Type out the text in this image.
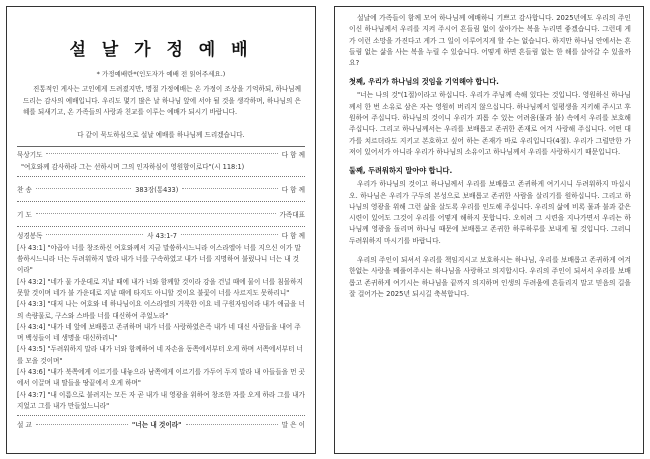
설 날 가 정 예 배
* 가정예배란*(인도자가 예배 전 읽어주세요.)

진통적인 게사는 고인에게 드려졌지만, 명절 가정예배는 온 가정이 조상을 기억하되, 하나님께 드리는 감사의 예배입니다. 우리도 몇기 많은 날 하나님 앞에 서야 될 것을 생각하며, 하나님의 은혜를 되새기고, 온 가족들의 사랑과 친교를 이루는 예배가 되시기 바랍니다.

다 같이 묵도하심으로 설날 예배를 하나님께 드리겠습니다.
묵상기도	다 함 께
"여호와께 감사하라 그는 선하시며 그의 인자하심이 영원함이로다"(시 118:1)
찬 송	383장(통433)	다 함 께
기 도	가족대표
성경봉독	사 43:1-7	다 함 께
[사 43:1] "야곱아 너를 창조하신 여호와께서 지금 말씀하시느니라 이스라엘아 너를 지으신 이가 말씀하시느니라 너는 두려워하지 말라 내가 너를 구속하였고 내가 너를 지명하여 불렀나니 너는 내 것이라"
[사 43:2] "네가 물 가운데로 지날 때에 내가 너와 함께할 것이라 강을 건널 때에 물이 너를 침몰하지 못할 것이며 네가 불 가운데로 지날 때에 타지도 아니할 것이요 불꽃이 너를 사르지도 못하리니"
[사 43:3] "대저 나는 여호와 네 하나님이요 이스라엘의 거룩한 이요 네 구원자임이라 내가 애굽을 너의 속량물로, 구스와 스바를 너를 대신하여 주었노라"
[사 43:4] "내가 네 앞에 보배롭고 존귀하며 내가 너를 사랑하였은즉 내가 네 대신 사람들을 내어 주며 백성들이 네 생명을 대신하리니"
[사 43:5] "두려워하지 말라 내가 너와 함께하여 네 자손을 동쪽에서부터 오게 하며 서쪽에서부터 너를 모을 것이며"
[사 43:6] "내가 북쪽에게 이르기를 내놓으라 남쪽에게 이르기를 가두어 두지 말라 내 아들들을 먼 곳에서 이끌며 내 딸들을 땅끝에서 오게 하며"
[사 43:7] "내 이름으로 불려지는 모든 자 곧 내가 내 영광을 위하여 창조한 자를 오게 하라 그를 내가 지었고 그를 내가 만들었느니라"
설 교	"너는 내 것이라"	말 은 이

설날에 가족들이 함께 모여 하나님께 예배하니 기쁘고 감사합니다. 2025년에도 우리의 주인이신 하나님께서 우리를 지켜 주시어 흔들림 없이 살아가는 복을 누리면 좋겠습니다. 그런데 게가 이런 소망을 가진다고 게가 그 일이 이루어지게 할 수는 없습니다. 하지만 하나님 안에서는 흔들림 없는 삶을 사는 복을 누릴 수 있습니다. 어떻게 하면 흔들림 없는 한 해를 살아갈 수 있을까요?

첫째, 우리가 하나님의 것임을 기억해야 합니다.

"너는 나의 것"(1절)이라고 하십니다. 우리가 주님께 속해 있다는 것입니다. 영원하신 하나님께서 한 번 소유로 삼은 자는 영원히 버리지 않으십니다. 하나님께서 일평생을 지키해 주시고 후원하여 주십니다. 하나님의 것이니 우리가 괴롭 수 있는 어려움(물과 불) 속에서 우리를 보호해 주십니다. 그리고 하나님께서는 우리를 보배롭고 존귀한 존재로 여겨 사랑해 주십니다. 어떤 대가를 치르더라도 지키고 본호하고 싶어 하는 존재가 바로 우리입니다(4절). 우리가 그럴만한 가져이 있어서가 아니라 우리가 하나님의 소유이고 하나님께서 우리를 사랑하시기 때문입니다.

둘째, 두려워하지 말아야 합니다.

우리가 하나님의 것이고 하나님께서 우리를 보배롭고 존귀하게 여기시니 두려워하지 마십시오. 하나님은 우리가 구두의 본성으로 보배롭고 존귀한 사람을 살리기를 원하십니다. 그리고 하나님의 영광을 위해 그런 삶을 살도록 우리를 인도해 주십니다. 우리의 삶에 비록 물과 불과 같은 시련이 있어도 그것이 우리를 어떻게 해하지 못합니다. 오히려 그 시련을 지나가면서 우리는 하나님께 영광을 돌리며 하나님 때문에 보배롭고 존귀한 하루하루를 보내게 될 것입니다. 그러니 두려워하지 마시기를 바랍니다.

우리의 주인이 되셔서 우리를 책임지시고 보호하시는 하나님, 우리를 보배롭고 존귀하게 여겨 한없는 사랑을 베풀어주시는 하나님을 사랑하고 의지합시다. 우리의 주인이 되셔서 우리를 보배롭고 존귀하게 여기시는 하나님을 끝까지 의지하며 인생의 두려움에 흔들리지 말고 믿음의 길을 잘 걸어가는 2025년 되시길 축복합니다.
